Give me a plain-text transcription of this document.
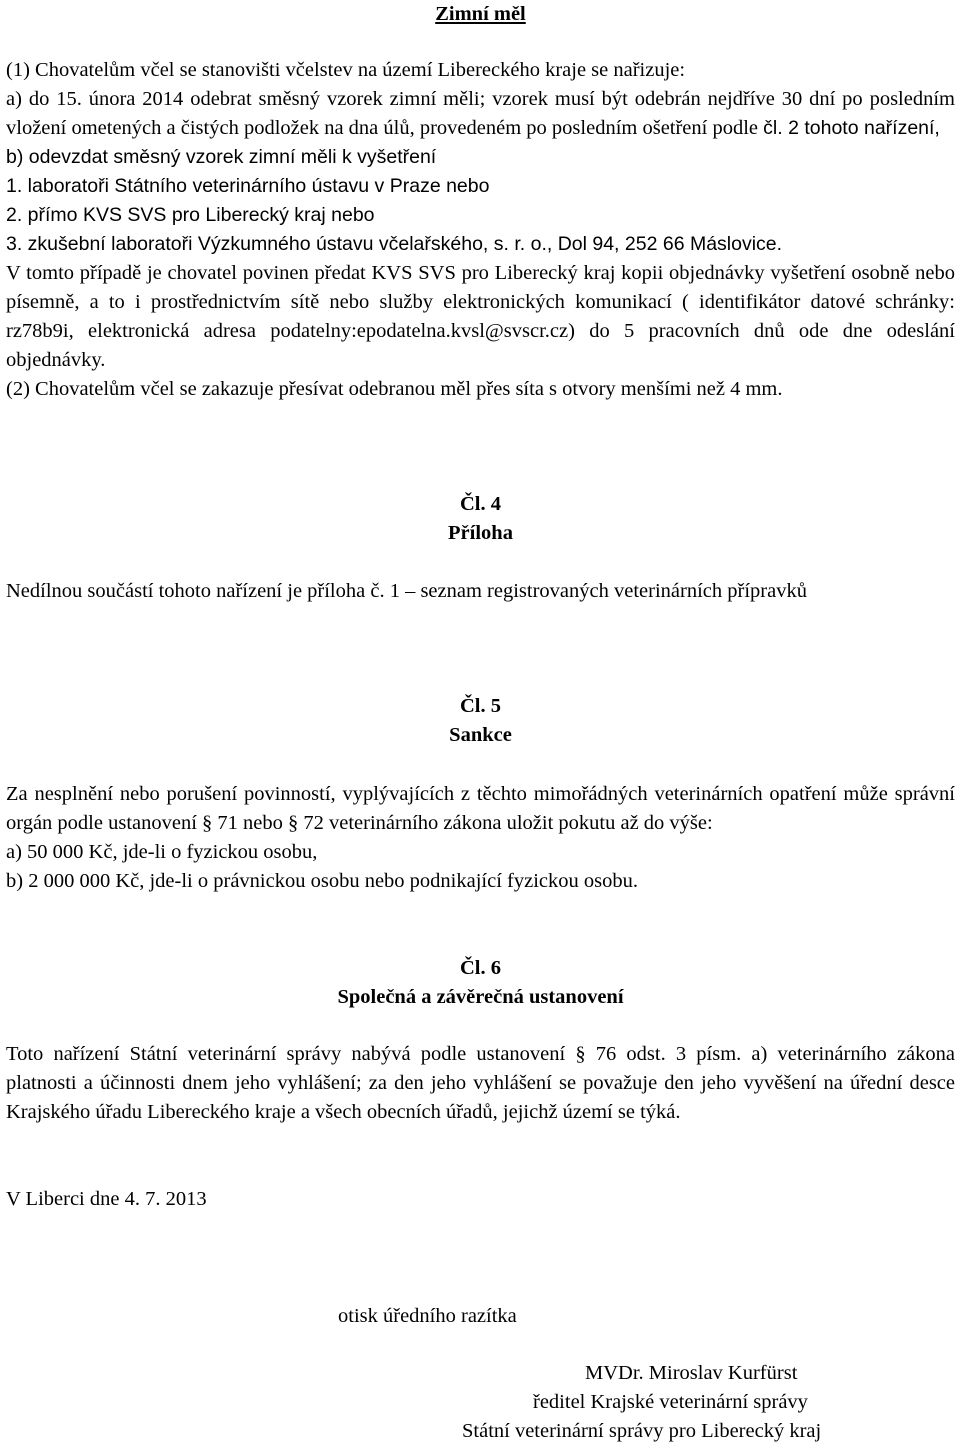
Zimní měl

(1) Chovatelům včel se stanovišti včelstev na území Libereckého kraje se nařizuje:

a) do 15. února 2014 odebrat směsný vzorek zimní měli; vzorek musí být odebrán nejdříve 30 dní po posledním vložení ometených a čistých podložek na dna úlů, provedeném po posledním ošetření podle čl. 2 tohoto nařízení,

b) odevzdat směsný vzorek zimní měli k vyšetření

1. laboratoři Státního veterinárního ústavu v Praze nebo

2. přímo KVS SVS pro Liberecký kraj nebo

3. zkušební laboratoři Výzkumného ústavu včelařského, s. r. o., Dol 94, 252 66 Máslovice.

V tomto případě je chovatel povinen předat KVS SVS pro Liberecký kraj kopii objednávky vyšetření osobně nebo písemně, a to i prostřednictvím sítě nebo služby elektronických komunikací ( identifikátor datové schránky: rz78b9i, elektronická adresa podatelny:epodatelna.kvsl@svscr.cz) do 5 pracovních dnů ode dne odeslání objednávky.

(2) Chovatelům včel se zakazuje přesívat odebranou měl přes síta s otvory menšími než 4 mm.

Čl. 4
Příloha

Nedílnou součástí tohoto nařízení je příloha č. 1 – seznam registrovaných veterinárních přípravků

Čl. 5
Sankce

Za nesplnění nebo porušení povinností, vyplývajících z těchto mimořádných veterinárních opatření může správní orgán podle ustanovení § 71 nebo § 72 veterinárního zákona uložit pokutu až do výše:

a) 50 000 Kč, jde-li o fyzickou osobu,

b) 2 000 000 Kč, jde-li o právnickou osobu nebo podnikající fyzickou osobu.

Čl. 6
Společná a závěrečná ustanovení

Toto nařízení Státní veterinární správy nabývá podle ustanovení § 76 odst. 3 písm. a) veterinárního zákona platnosti a účinnosti dnem jeho vyhlášení; za den jeho vyhlášení se považuje den jeho vyvěšení na úřední desce Krajského úřadu Libereckého kraje a všech obecních úřadů, jejichž území se týká.

V Liberci dne 4. 7. 2013

otisk úředního razítka

MVDr. Miroslav Kurfürst

ředitel Krajské veterinární správy

Státní veterinární správy pro Liberecký kraj
